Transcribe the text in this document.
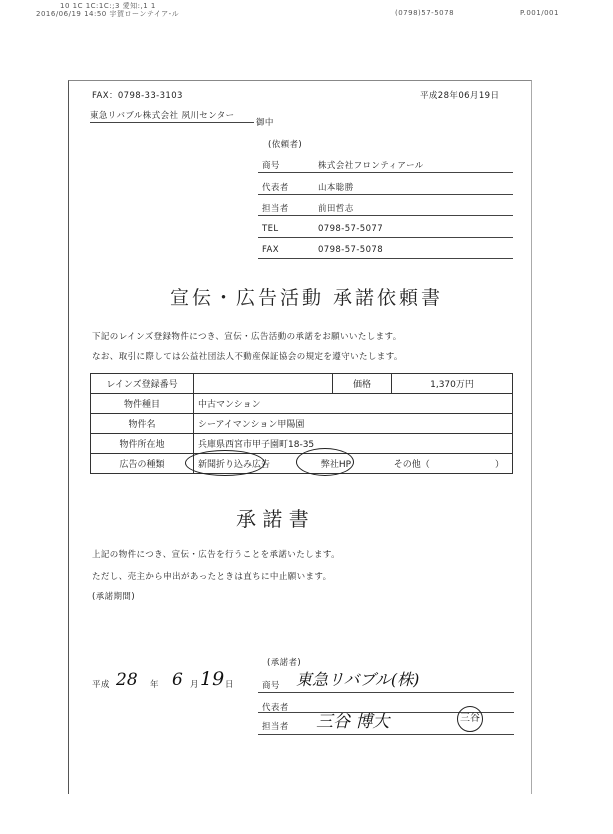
10 1C 1C:1C:;3 愛知:,1 1
2016/06/19 14:50 宇賀ローンテイア-ル	(0798)57-5078	P.001/001
FAX：0798-33-3103	平成28年06月19日
東急リバブル株式会社 夙川センター
御中
(依頼者)
商号	株式会社フロンティアール
代表者	山本聡勝
担当者	前田哲志
TEL	0798-57-5077
FAX	0798-57-5078
宣伝・広告活動 承諾依頼書
下記のレインズ登録物件につき、宣伝・広告活動の承諾をお願いいたします。
なお、取引に際しては公益社団法人不動産保証協会の規定を遵守いたします。
レインズ登録番号		価格	1,370万円
物件種目	中古マンション		
物件名	シーアイマンション甲陽園		
物件所在地	兵庫県西宮市甲子園町18-35		
広告の種類	新聞折り込み広告 弊社HP その他（ ）		
承 諾 書
上記の物件につき、宣伝・広告を行うことを承諾いたします。
ただし、売主から申出があったときは直ちに中止願います。
(承諾期間)
(承諾者)
平成 28 年 6 月 19 日	商号 東急リバブル(株)
代表者
担当者 三谷 博大	三谷
